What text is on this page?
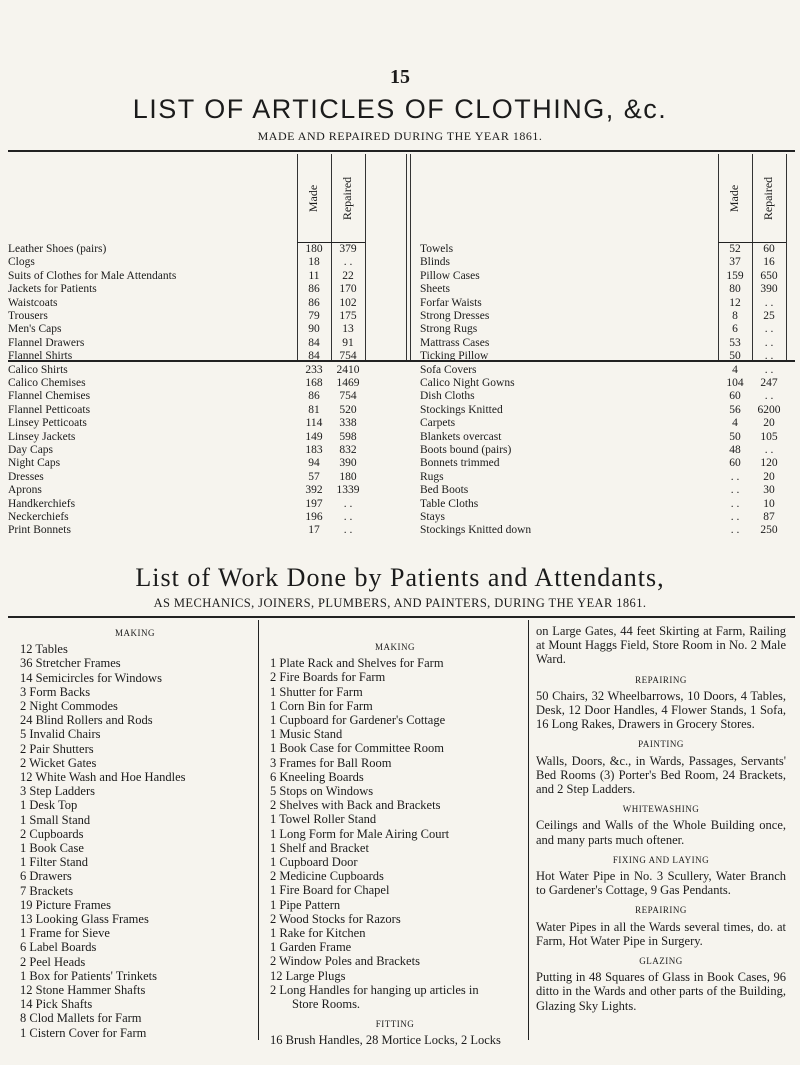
15
LIST OF ARTICLES OF CLOTHING, &c.
MADE AND REPAIRED DURING THE YEAR 1861.
Made Repaired	Made Repaired
Leather Shoes (pairs)	180	379
Clogs	18	. .
Suits of Clothes for Male Attendants	11	22
Jackets for Patients	86	170
Waistcoats	86	102
Trousers	79	175
Men's Caps	90	13
Flannel Drawers	84	91
Flannel Shirts	84	754
Calico Shirts	233	2410
Calico Chemises	168	1469
Flannel Chemises	86	754
Flannel Petticoats	81	520
Linsey Petticoats	114	338
Linsey Jackets	149	598
Day Caps	183	832
Night Caps	94	390
Dresses	57	180
Aprons	392	1339
Handkerchiefs	197	. .
Neckerchiefs	196	. .
Print Bonnets	17	. .
Towels	52	60
Blinds	37	16
Pillow Cases	159	650
Sheets	80	390
Forfar Waists	12	. .
Strong Dresses	8	25
Strong Rugs	6	. .
Mattrass Cases	53	. .
Ticking Pillow	50	. .
Sofa Covers	4	. .
Calico Night Gowns	104	247
Dish Cloths	60	. .
Stockings Knitted	56	6200
Carpets	4	20
Blankets overcast	50	105
Boots bound (pairs)	48	. .
Bonnets trimmed	60	120
Rugs	. .	20
Bed Boots	. .	30
Table Cloths	. .	10
Stays	. .	87
Stockings Knitted down	. .	250
List of Work Done by Patients and Attendants,
AS MECHANICS, JOINERS, PLUMBERS, AND PAINTERS, DURING THE YEAR 1861.
MAKING
12 Tables
36 Stretcher Frames
14 Semicircles for Windows
3 Form Backs
2 Night Commodes
24 Blind Rollers and Rods
5 Invalid Chairs
2 Pair Shutters
2 Wicket Gates
12 White Wash and Hoe Handles
3 Step Ladders
1 Desk Top
1 Small Stand
2 Cupboards
1 Book Case
1 Filter Stand
6 Drawers
7 Brackets
19 Picture Frames
13 Looking Glass Frames
1 Frame for Sieve
6 Label Boards
2 Peel Heads
1 Box for Patients' Trinkets
12 Stone Hammer Shafts
14 Pick Shafts
8 Clod Mallets for Farm
1 Cistern Cover for Farm
MAKING
1 Plate Rack and Shelves for Farm
2 Fire Boards for Farm
1 Shutter for Farm
1 Corn Bin for Farm
1 Cupboard for Gardener's Cottage
1 Music Stand
1 Book Case for Committee Room
3 Frames for Ball Room
6 Kneeling Boards
5 Stops on Windows
2 Shelves with Back and Brackets
1 Towel Roller Stand
1 Long Form for Male Airing Court
1 Shelf and Bracket
1 Cupboard Door
2 Medicine Cupboards
1 Fire Board for Chapel
1 Pipe Pattern
2 Wood Stocks for Razors
1 Rake for Kitchen
1 Garden Frame
2 Window Poles and Brackets
12 Large Plugs
2 Long Handles for hanging up articles in
Store Rooms.
FITTING
16 Brush Handles, 28 Mortice Locks, 2 Locks
on Large Gates, 44 feet Skirting at Farm, Railing at Mount Haggs Field, Store Room in No. 2 Male Ward.
REPAIRING
50 Chairs, 32 Wheelbarrows, 10 Doors, 4 Tables, Desk, 12 Door Handles, 4 Flower Stands, 1 Sofa, 16 Long Rakes, Drawers in Grocery Stores.
PAINTING
Walls, Doors, &c., in Wards, Passages, Servants' Bed Rooms (3) Porter's Bed Room, 24 Brackets, and 2 Step Ladders.
WHITEWASHING
Ceilings and Walls of the Whole Building once, and many parts much oftener.
FIXING AND LAYING
Hot Water Pipe in No. 3 Scullery, Water Branch to Gardener's Cottage, 9 Gas Pendants.
REPAIRING
Water Pipes in all the Wards several times, do. at Farm, Hot Water Pipe in Surgery.
GLAZING
Putting in 48 Squares of Glass in Book Cases, 96 ditto in the Wards and other parts of the Building, Glazing Sky Lights.
